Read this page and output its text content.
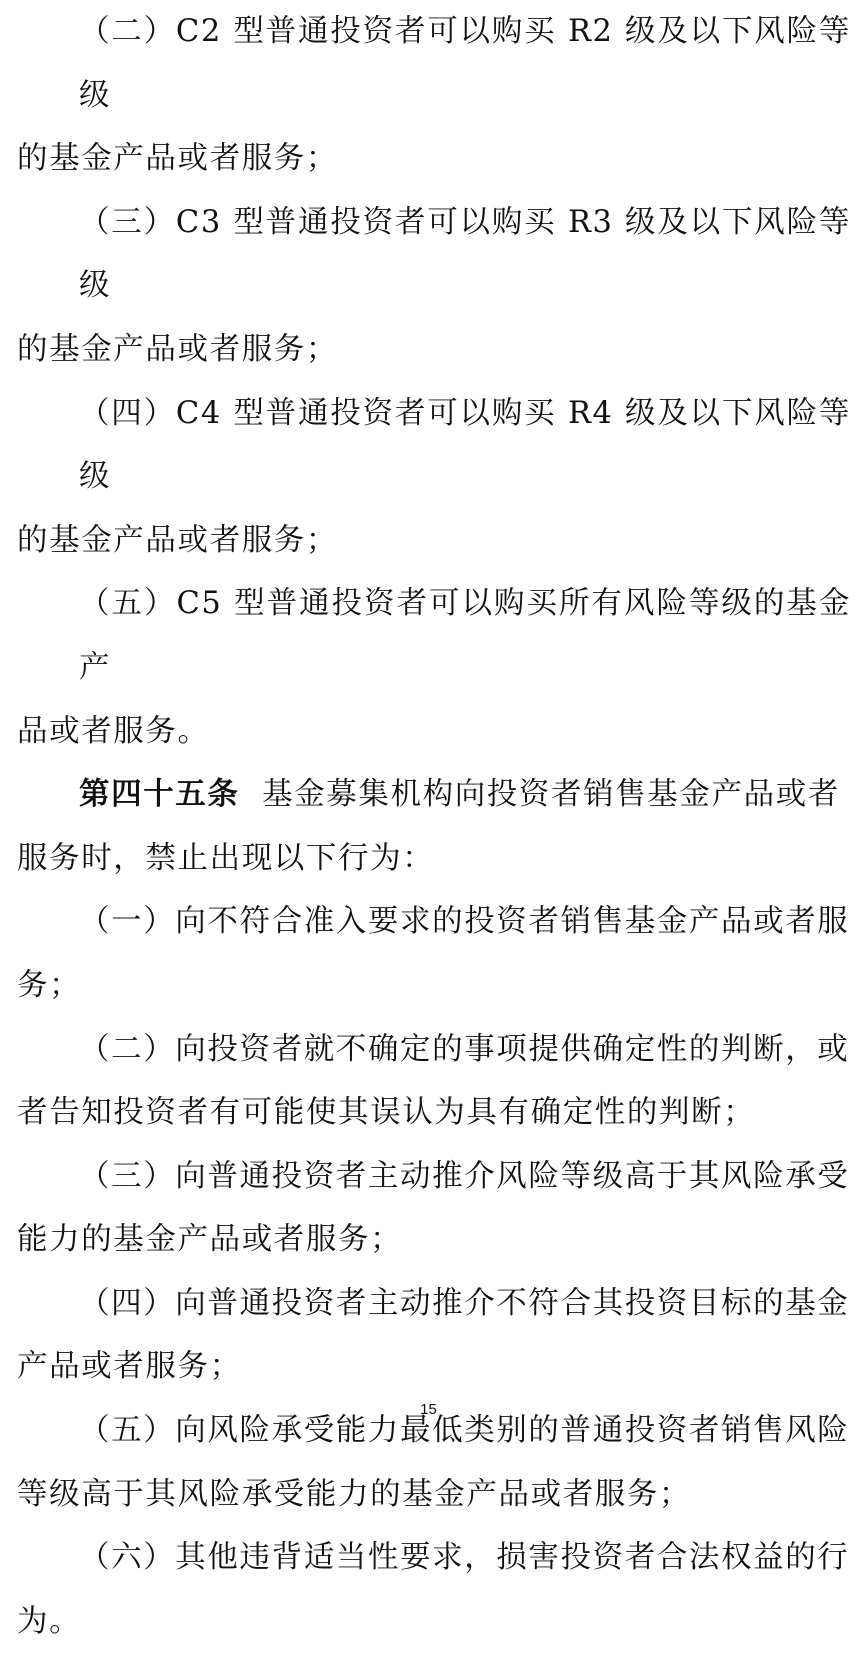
（二）C2 型普通投资者可以购买 R2 级及以下风险等级
的基金产品或者服务；

（三）C3 型普通投资者可以购买 R3 级及以下风险等级
的基金产品或者服务；

（四）C4 型普通投资者可以购买 R4 级及以下风险等级
的基金产品或者服务；

（五）C5 型普通投资者可以购买所有风险等级的基金产
品或者服务。

第四十五条 基金募集机构向投资者销售基金产品或者
服务时，禁止出现以下行为：

（一）向不符合准入要求的投资者销售基金产品或者服
务；

（二）向投资者就不确定的事项提供确定性的判断，或
者告知投资者有可能使其误认为具有确定性的判断；

（三）向普通投资者主动推介风险等级高于其风险承受
能力的基金产品或者服务；

（四）向普通投资者主动推介不符合其投资目标的基金
产品或者服务；

（五）向风险承受能力最低类别的普通投资者销售风险
等级高于其风险承受能力的基金产品或者服务；

（六）其他违背适当性要求，损害投资者合法权益的行
为。

15
